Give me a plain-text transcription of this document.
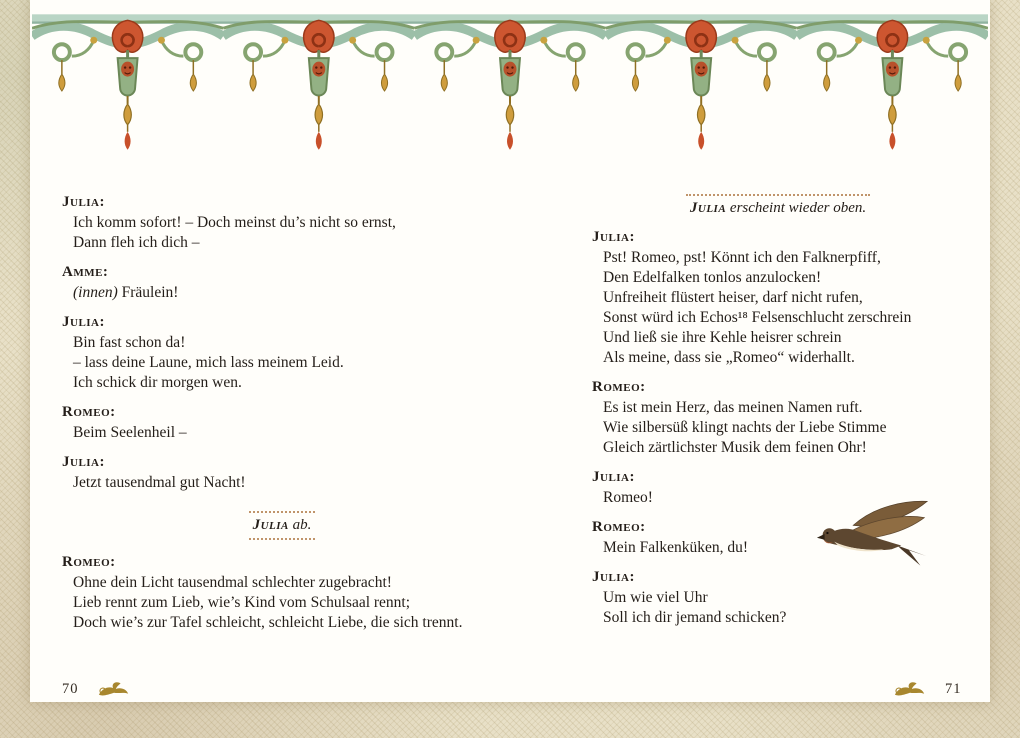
Julia:
Ich komm sofort! – Doch meinst du’s nicht so ernst,
Dann fleh ich dich –
Amme:
(innen) Fräulein!
Julia:
Bin fast schon da!
– lass deine Laune, mich lass meinem Leid.
Ich schick dir morgen wen.
Romeo:
Beim Seelenheil –
Julia:
Jetzt tausendmal gut Nacht!
Julia ab.
Romeo:
Ohne dein Licht tausendmal schlechter zugebracht!
Lieb rennt zum Lieb, wie’s Kind vom Schulsaal rennt;
Doch wie’s zur Tafel schleicht, schleicht Liebe, die sich trennt.
Julia erscheint wieder oben.
Julia:
Pst! Romeo, pst! Könnt ich den Falknerpfiff,
Den Edelfalken tonlos anzulocken!
Unfreiheit flüstert heiser, darf nicht rufen,
Sonst würd ich Echos¹⁸ Felsenschlucht zerschrein
Und ließ sie ihre Kehle heisrer schrein
Als meine, dass sie „Romeo“ widerhallt.
Romeo:
Es ist mein Herz, das meinen Namen ruft.
Wie silbersüß klingt nachts der Liebe Stimme
Gleich zärtlichster Musik dem feinen Ohr!
Julia:
Romeo!
Romeo:
Mein Falkenküken, du!
Julia:
Um wie viel Uhr
Soll ich dir jemand schicken?
70	71
